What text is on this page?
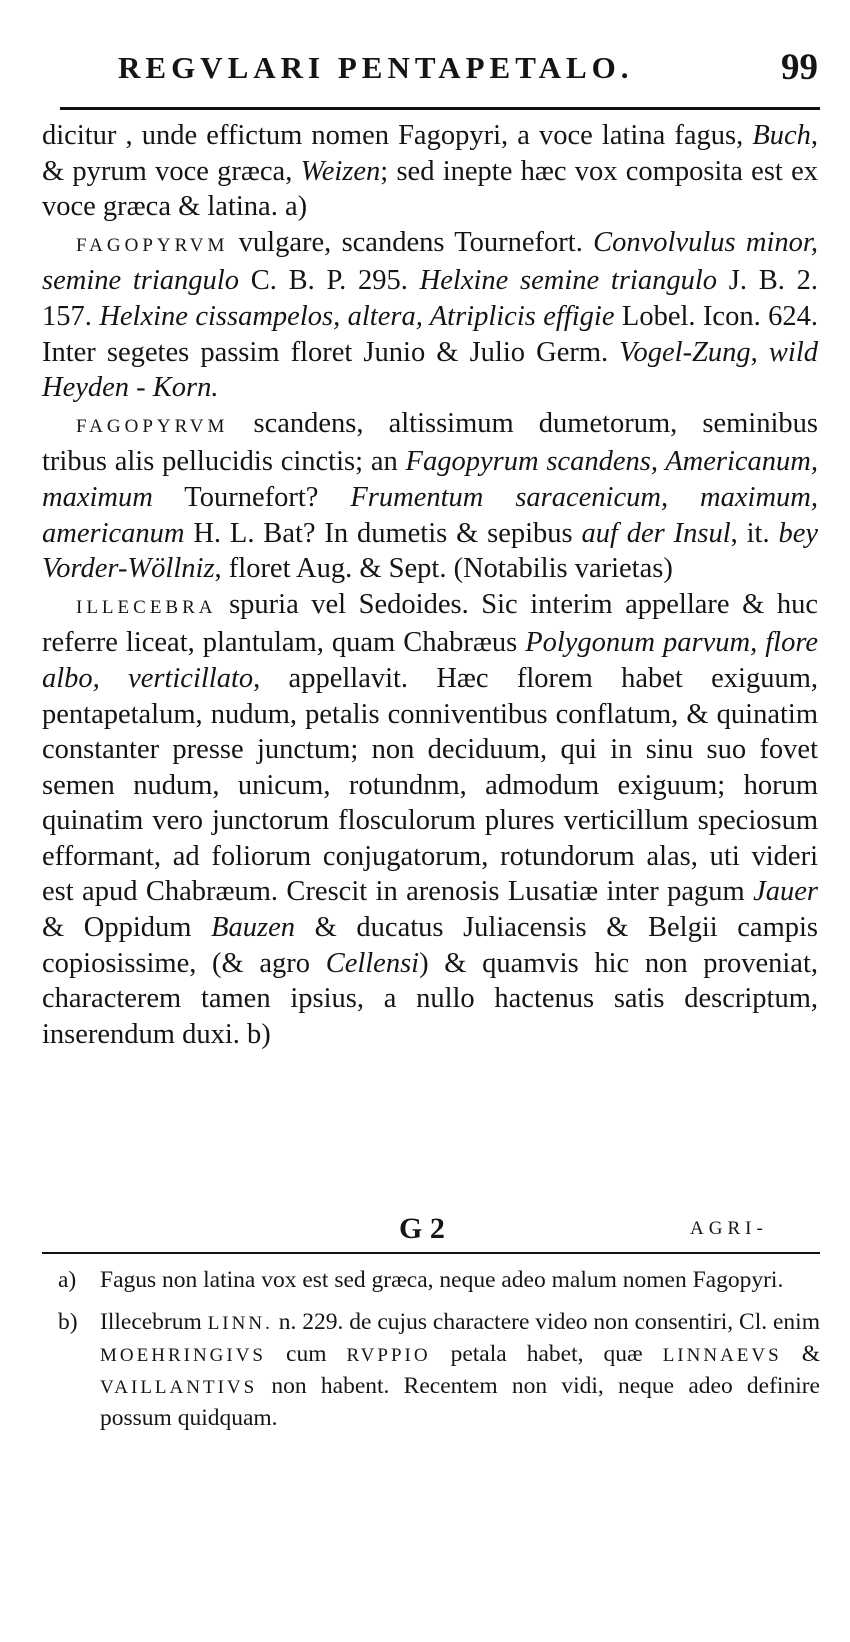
REGVLARI PENTAPETALO.	99

dicitur , unde effictum nomen Fagopyri, a voce latina fagus, Buch, & pyrum voce græca, Weizen; sed inepte hæc vox composita est ex voce græca & latina. a)

FAGOPYRVM vulgare, scandens Tournefort. Convolvulus minor, semine triangulo C. B. P. 295. Helxine semine triangulo J. B. 2. 157. Helxine cissampelos, altera, Atriplicis effigie Lobel. Icon. 624. Inter segetes passim floret Junio & Julio Germ. Vogel-Zung, wild Heyden - Korn.

FAGOPYRVM scandens, altissimum dumetorum, seminibus tribus alis pellucidis cinctis; an Fagopyrum scandens, Americanum, maximum Tournefort? Frumentum saracenicum, maximum, americanum H. L. Bat? In dumetis & sepibus auf der Insul, it. bey Vorder-Wöllniz, floret Aug. & Sept. (Notabilis varietas)

ILLECEBRA spuria vel Sedoides. Sic interim appellare & huc referre liceat, plantulam, quam Chabræus Polygonum parvum, flore albo, verticillato, appellavit. Hæc florem habet exiguum, pentapetalum, nudum, petalis conniventibus conflatum, & quinatim constanter presse junctum; non deciduum, qui in sinu suo fovet semen nudum, unicum, rotundnm, admodum exiguum; horum quinatim vero junctorum flosculorum plures verticillum speciosum efformant, ad foliorum conjugatorum, rotundorum alas, uti videri est apud Chabræum. Crescit in arenosis Lusatiæ inter pagum Jauer & Oppidum Bauzen & ducatus Juliacensis & Belgii campis copiosissime, (& agro Cellensi) & quamvis hic non proveniat, characterem tamen ipsius, a nullo hactenus satis descriptum, inserendum duxi. b)

G 2	AGRI-
a) Fagus non latina vox est sed græca, neque adeo malum nomen Fagopyri.
b) Illecebrum LINN. n. 229. de cujus charactere video non consentiri, Cl. enim MOEHRINGIVS cum RVPPIO petala habet, quæ LINNAEVS & VAILLANTIVS non habent. Recentem non vidi, neque adeo definire possum quidquam.
